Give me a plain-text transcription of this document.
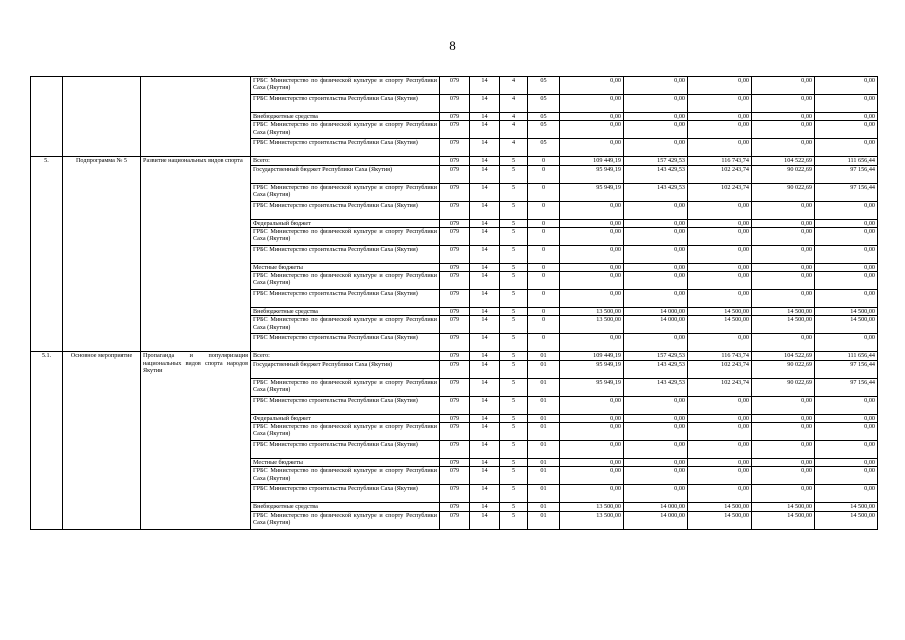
8
			ГРБС Министерство по физической культуре и спорту Республики Саха (Якутия)	079	14	4	05	0,00	0,00	0,00	0,00	0,00
			ГРБС Министерство строительства Республики Саха (Якутия)	079	14	4	05	0,00	0,00	0,00	0,00	0,00
			Внебюджетные средства	079	14	4	05	0,00	0,00	0,00	0,00	0,00
			ГРБС Министерство по физической культуре и спорту Республики Саха (Якутия)	079	14	4	05	0,00	0,00	0,00	0,00	0,00
			ГРБС Министерство строительства Республики Саха (Якутия)	079	14	4	05	0,00	0,00	0,00	0,00	0,00
5.	Подпрограмма № 5	Развитие национальных видов спорта	Всего:	079	14	5	0	109 449,19	157 429,53	116 743,74	104 522,69	111 656,44
			Государственный бюджет Республики Саха (Якутия)	079	14	5	0	95 949,19	143 429,53	102 243,74	90 022,69	97 156,44
			ГРБС Министерство по физической культуре и спорту Республики Саха (Якутия)	079	14	5	0	95 949,19	143 429,53	102 243,74	90 022,69	97 156,44
			ГРБС Министерство строительства Республики Саха (Якутия)	079	14	5	0	0,00	0,00	0,00	0,00	0,00
			Федеральный бюджет	079	14	5	0	0,00	0,00	0,00	0,00	0,00
			ГРБС Министерство по физической культуре и спорту Республики Саха (Якутия)	079	14	5	0	0,00	0,00	0,00	0,00	0,00
			ГРБС Министерство строительства Республики Саха (Якутия)	079	14	5	0	0,00	0,00	0,00	0,00	0,00
			Местные бюджеты	079	14	5	0	0,00	0,00	0,00	0,00	0,00
			ГРБС Министерство по физической культуре и спорту Республики Саха (Якутия)	079	14	5	0	0,00	0,00	0,00	0,00	0,00
			ГРБС Министерство строительства Республики Саха (Якутия)	079	14	5	0	0,00	0,00	0,00	0,00	0,00
			Внебюджетные средства	079	14	5	0	13 500,00	14 000,00	14 500,00	14 500,00	14 500,00
			ГРБС Министерство по физической культуре и спорту Республики Саха (Якутия)	079	14	5	0	13 500,00	14 000,00	14 500,00	14 500,00	14 500,00
			ГРБС Министерство строительства Республики Саха (Якутия)	079	14	5	0	0,00	0,00	0,00	0,00	0,00
5.1.	Основное мероприятие	Пропаганда и популяризация национальных видов спорта народов Якутии	Всего:	079	14	5	01	109 449,19	157 429,53	116 743,74	104 522,69	111 656,44
			Государственный бюджет Республики Саха (Якутия)	079	14	5	01	95 949,19	143 429,53	102 243,74	90 022,69	97 156,44
			ГРБС Министерство по физической культуре и спорту Республики Саха (Якутия)	079	14	5	01	95 949,19	143 429,53	102 243,74	90 022,69	97 156,44
			ГРБС Министерство строительства Республики Саха (Якутия)	079	14	5	01	0,00	0,00	0,00	0,00	0,00
			Федеральный бюджет	079	14	5	01	0,00	0,00	0,00	0,00	0,00
			ГРБС Министерство по физической культуре и спорту Республики Саха (Якутия)	079	14	5	01	0,00	0,00	0,00	0,00	0,00
			ГРБС Министерство строительства Республики Саха (Якутия)	079	14	5	01	0,00	0,00	0,00	0,00	0,00
			Местные бюджеты	079	14	5	01	0,00	0,00	0,00	0,00	0,00
			ГРБС Министерство по физической культуре и спорту Республики Саха (Якутия)	079	14	5	01	0,00	0,00	0,00	0,00	0,00
			ГРБС Министерство строительства Республики Саха (Якутия)	079	14	5	01	0,00	0,00	0,00	0,00	0,00
			Внебюджетные средства	079	14	5	01	13 500,00	14 000,00	14 500,00	14 500,00	14 500,00
			ГРБС Министерство по физической культуре и спорту Республики Саха (Якутия)	079	14	5	01	13 500,00	14 000,00	14 500,00	14 500,00	14 500,00
